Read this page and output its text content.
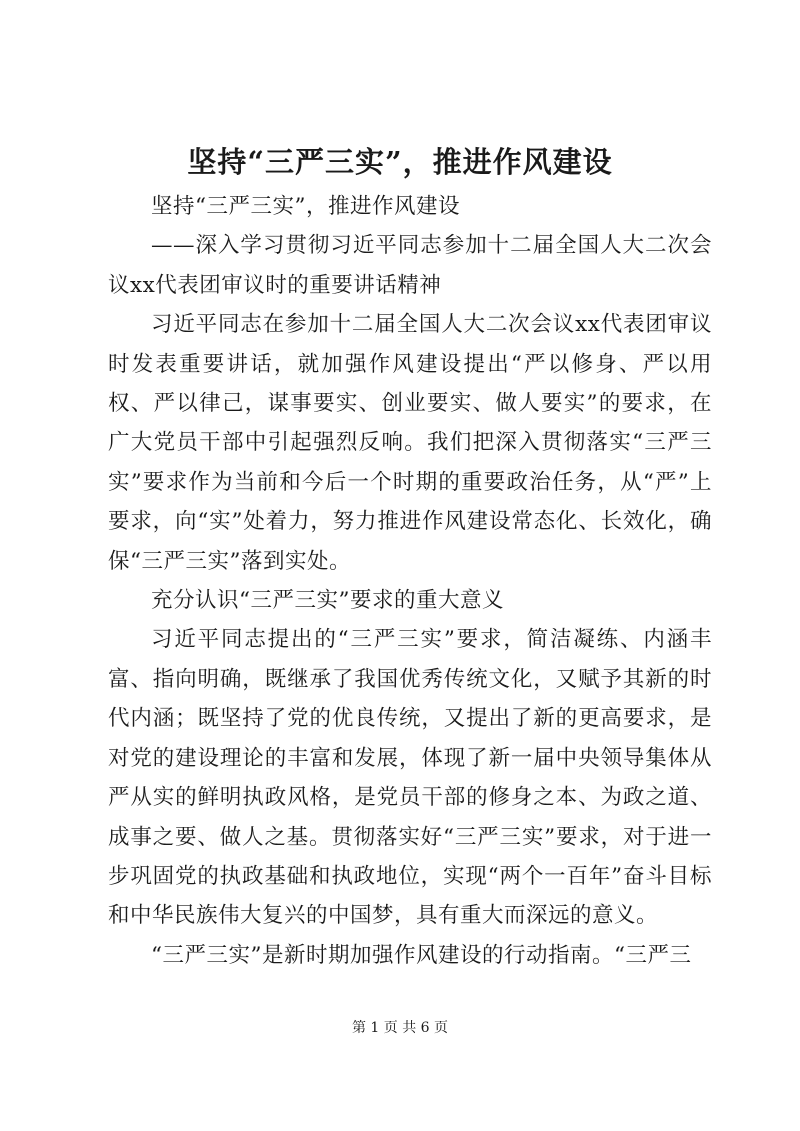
坚持“三严三实”，推进作风建设

坚持“三严三实”，推进作风建设

——深入学习贯彻习近平同志参加十二届全国人大二次会议xx代表团审议时的重要讲话精神

习近平同志在参加十二届全国人大二次会议xx代表团审议时发表重要讲话，就加强作风建设提出“严以修身、严以用权、严以律己，谋事要实、创业要实、做人要实”的要求，在广大党员干部中引起强烈反响。我们把深入贯彻落实“三严三实”要求作为当前和今后一个时期的重要政治任务，从“严”上要求，向“实”处着力，努力推进作风建设常态化、长效化，确保“三严三实”落到实处。

充分认识“三严三实”要求的重大意义

习近平同志提出的“三严三实”要求，简洁凝练、内涵丰富、指向明确，既继承了我国优秀传统文化，又赋予其新的时代内涵；既坚持了党的优良传统，又提出了新的更高要求，是对党的建设理论的丰富和发展，体现了新一届中央领导集体从严从实的鲜明执政风格，是党员干部的修身之本、为政之道、成事之要、做人之基。贯彻落实好“三严三实”要求，对于进一步巩固党的执政基础和执政地位，实现“两个一百年”奋斗目标和中华民族伟大复兴的中国梦，具有重大而深远的意义。

“三严三实”是新时期加强作风建设的行动指南。“三严三

第 1 页 共 6 页
